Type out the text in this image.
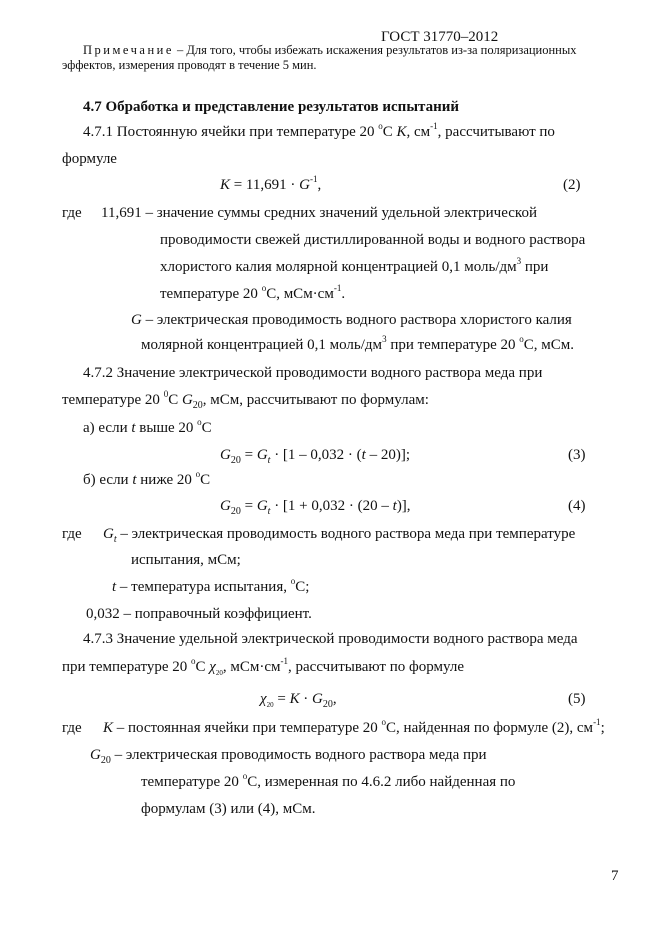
ГОСТ 31770–2012
Примечание – Для того, чтобы избежать искажения результатов из-за поляризационных
эффектов, измерения проводят в течение 5 мин.
4.7 Обработка и представление результатов испытаний
4.7.1 Постоянную ячейки при температуре 20 $^о$С К, $см^{-1}$, рассчитывают по
формуле
$К = 11,691 \cdot G^{-1}$,	(2)
где 11,691 – значение суммы средних значений удельной электрической
проводимости свежей дистиллированной воды и водного раствора
хлористого калия молярной концентрацией 0,1 моль/$дм^3$ при
температуре 20 $^о$С, $мСм\cdot см^{-1}$.
G – электрическая проводимость водного раствора хлористого калия
молярной концентрацией 0,1 моль/$дм^3$ при температуре 20 $^о$С, мСм.
4.7.2 Значение электрической проводимости водного раствора меда при
температуре 20 $^0$С $G_{20}$, мСм, рассчитывают по формулам:
а) если t выше 20 $^о$С
$G_{20} = G_t \cdot [1 - 0,032 \cdot (t - 20)]$;	(3)
б) если t ниже 20 $^о$С
$G_{20} = G_t \cdot [1 + 0,032 \cdot (20 - t)]$,	(4)
где $G_t$ – электрическая проводимость водного раствора меда при температуре
испытания, мСм;
t – температура испытания, $^о$С;
0,032 – поправочный коэффициент.
4.7.3 Значение удельной электрической проводимости водного раствора меда
при температуре 20 $^о$С $\chi_{20}$, $мСм\cdot см^{-1}$, рассчитывают по формуле
$\chi_{20} = К \cdot G_{20}$,	(5)
где К – постоянная ячейки при температуре 20 $^о$С, найденная по формуле (2), $см^{-1}$;
$G_{20}$ – электрическая проводимость водного раствора меда при
температуре 20 $^о$С, измеренная по 4.6.2 либо найденная по
формулам (3) или (4), мСм.
7
